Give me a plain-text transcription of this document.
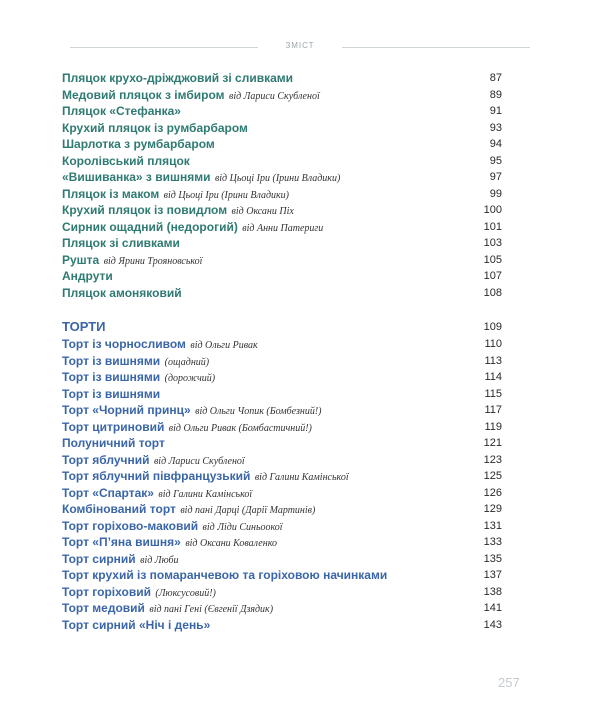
ЗМІСТ
Пляцок крухо-дріжджовий зі сливками	87
Медовий пляцок з імбиром від Лариси Скубленої	89
Пляцок «Стефанка»	91
Крухий пляцок із румбарбаром	93
Шарлотка з румбарбаром	94
Королівський пляцок	95
«Вишиванка» з вишнями від Цьоці Іри (Ірини Владики)	97
Пляцок із маком від Цьоці Іри (Ірини Владики)	99
Крухий пляцок із повидлом від Оксани Піх	100
Сирник ощадний (недорогий) від Анни Патериги	101
Пляцок зі сливками	103
Рушта від Ярини Трояновської	105
Андрути	107
Пляцок амоняковий	108
ТОРТИ	109
Торт із чорносливом від Ольги Ривак	110
Торт із вишнями (ощадний)	113
Торт із вишнями (дорожчий)	114
Торт із вишнями	115
Торт «Чорний принц» від Ольги Чопик (Бомбезний!)	117
Торт цитриновий від Ольги Ривак (Бомбастичний!)	119
Полуничний торт	121
Торт яблучний від Лариси Скубленої	123
Торт яблучний півфранцузький від Галини Камінської	125
Торт «Спартак» від Галини Камінської	126
Комбінований торт від пані Дарці (Дарії Мартинів)	129
Торт горіхово-маковий від Ліди Синьоокої	131
Торт «П’яна вишня» від Оксани Коваленко	133
Торт сирний від Люби	135
Торт крухий із помаранчевою та горіховою начинками	137
Торт горіховий (Люксусовий!)	138
Торт медовий від пані Гені (Євгенії Дзядик)	141
Торт сирний «Ніч і день»	143
257
